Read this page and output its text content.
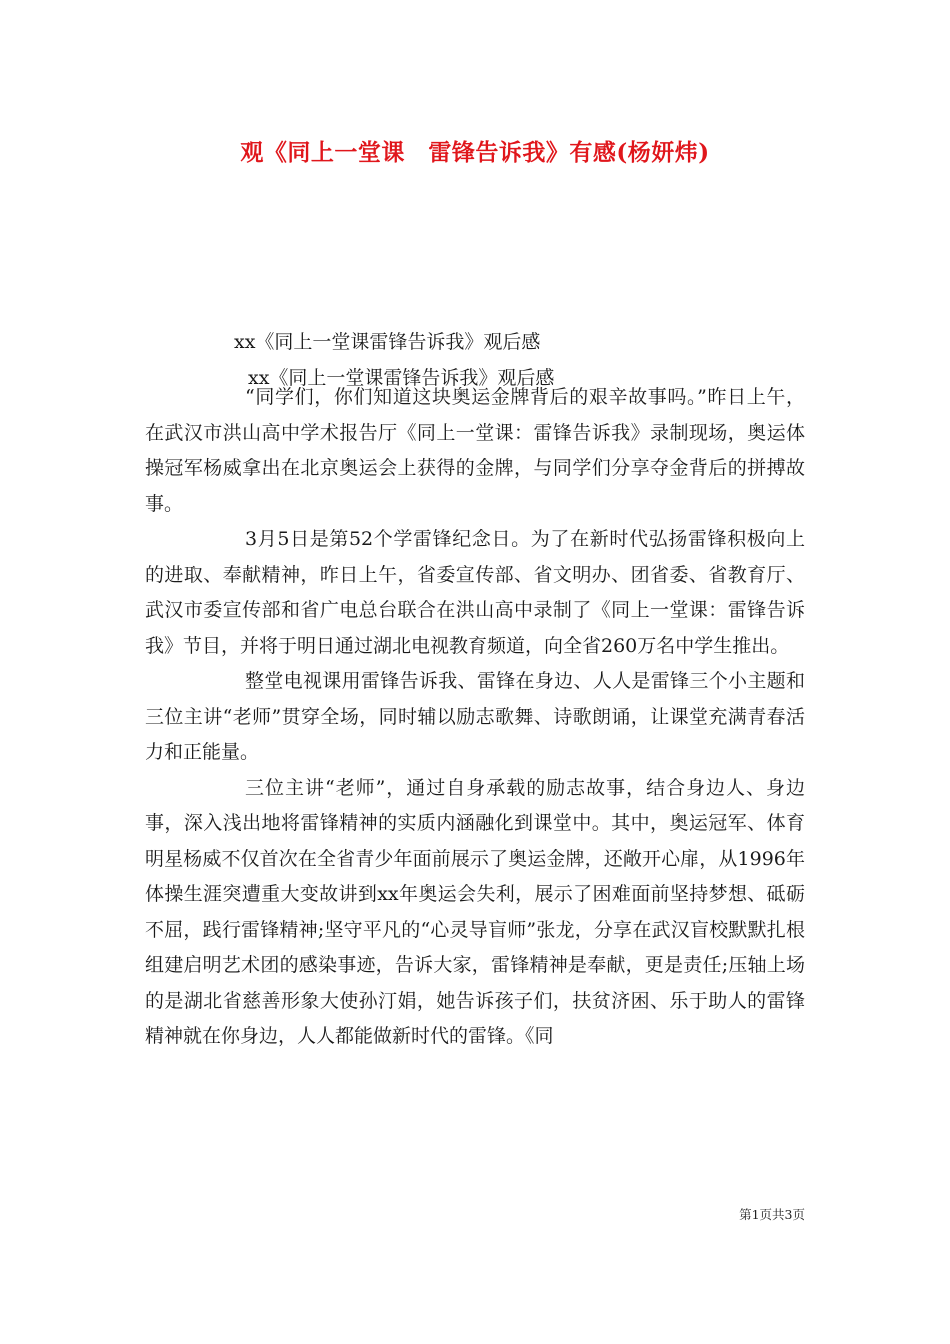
观《同上一堂课　雷锋告诉我》有感(杨妍炜)
xx《同上一堂课雷锋告诉我》观后感
xx《同上一堂课雷锋告诉我》观后感

“同学们，你们知道这块奥运金牌背后的艰辛故事吗。”昨日上午，在武汉市洪山高中学术报告厅《同上一堂课：雷锋告诉我》录制现场，奥运体操冠军杨威拿出在北京奥运会上获得的金牌，与同学们分享夺金背后的拼搏故事。

3月5日是第52个学雷锋纪念日。为了在新时代弘扬雷锋积极向上的进取、奉献精神，昨日上午，省委宣传部、省文明办、团省委、省教育厅、武汉市委宣传部和省广电总台联合在洪山高中录制了《同上一堂课：雷锋告诉我》节目，并将于明日通过湖北电视教育频道，向全省260万名中学生推出。

整堂电视课用雷锋告诉我、雷锋在身边、人人是雷锋三个小主题和三位主讲“老师”贯穿全场，同时辅以励志歌舞、诗歌朗诵，让课堂充满青春活力和正能量。

三位主讲“老师”，通过自身承载的励志故事，结合身边人、身边事，深入浅出地将雷锋精神的实质内涵融化到课堂中。其中，奥运冠军、体育明星杨威不仅首次在全省青少年面前展示了奥运金牌，还敞开心扉，从1996年体操生涯突遭重大变故讲到xx年奥运会失利，展示了困难面前坚持梦想、砥砺不屈，践行雷锋精神;坚守平凡的“心灵导盲师”张龙，分享在武汉盲校默默扎根组建启明艺术团的感染事迹，告诉大家，雷锋精神是奉献，更是责任;压轴上场的是湖北省慈善形象大使孙汀娟，她告诉孩子们，扶贫济困、乐于助人的雷锋精神就在你身边，人人都能做新时代的雷锋。《同

第1页共3页
